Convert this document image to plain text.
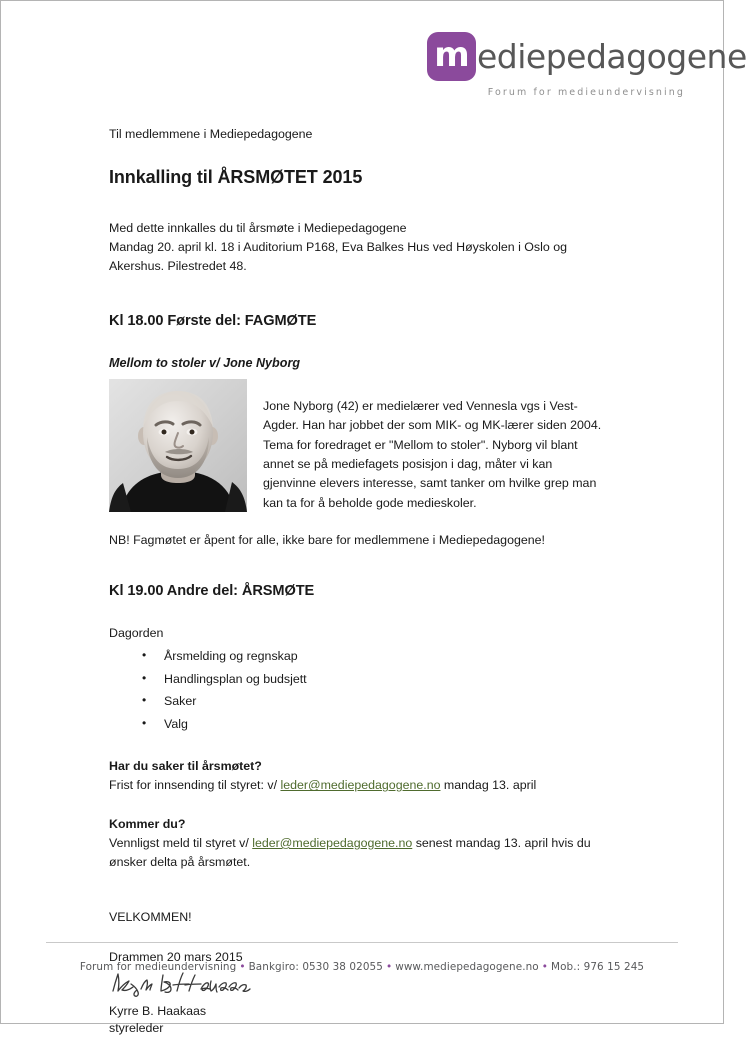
m ediepedagogene
Forum for medieundervisning

Til medlemmene i Mediepedagogene

Innkalling til ÅRSMØTET 2015

Med dette innkalles du til årsmøte i Mediepedagogene

Mandag 20. april kl. 18 i Auditorium P168, Eva Balkes Hus ved Høyskolen i Oslo og Akershus. Pilestredet 48.

Kl 18.00 Første del: FAGMØTE
Mellom to stoler v/ Jone Nyborg

Jone Nyborg (42) er medielærer ved Vennesla vgs i Vest-Agder. Han har jobbet der som MIK- og MK-lærer siden 2004. Tema for foredraget er "Mellom to stoler". Nyborg vil blant annet se på mediefagets posisjon i dag, måter vi kan gjenvinne elevers interesse, samt tanker om hvilke grep man kan ta for å beholde gode medieskoler.

NB! Fagmøtet er åpent for alle, ikke bare for medlemmene i Mediepedagogene!

Kl 19.00 Andre del: ÅRSMØTE

Dagorden

• Årsmelding og regnskap
• Handlingsplan og budsjett
• Saker
• Valg

Har du saker til årsmøtet?

Frist for innsending til styret: v/ leder@mediepedagogene.no mandag 13. april

Kommer du?

Vennligst meld til styret v/ leder@mediepedagogene.no senest mandag 13. april hvis du ønsker delta på årsmøtet.

VELKOMMEN!

Drammen 20 mars 2015

Kyrre B. Haakaas

styreleder

Forum for medieundervisning • Bankgiro: 0530 38 02055 • www.mediepedagogene.no • Mob.: 976 15 245
